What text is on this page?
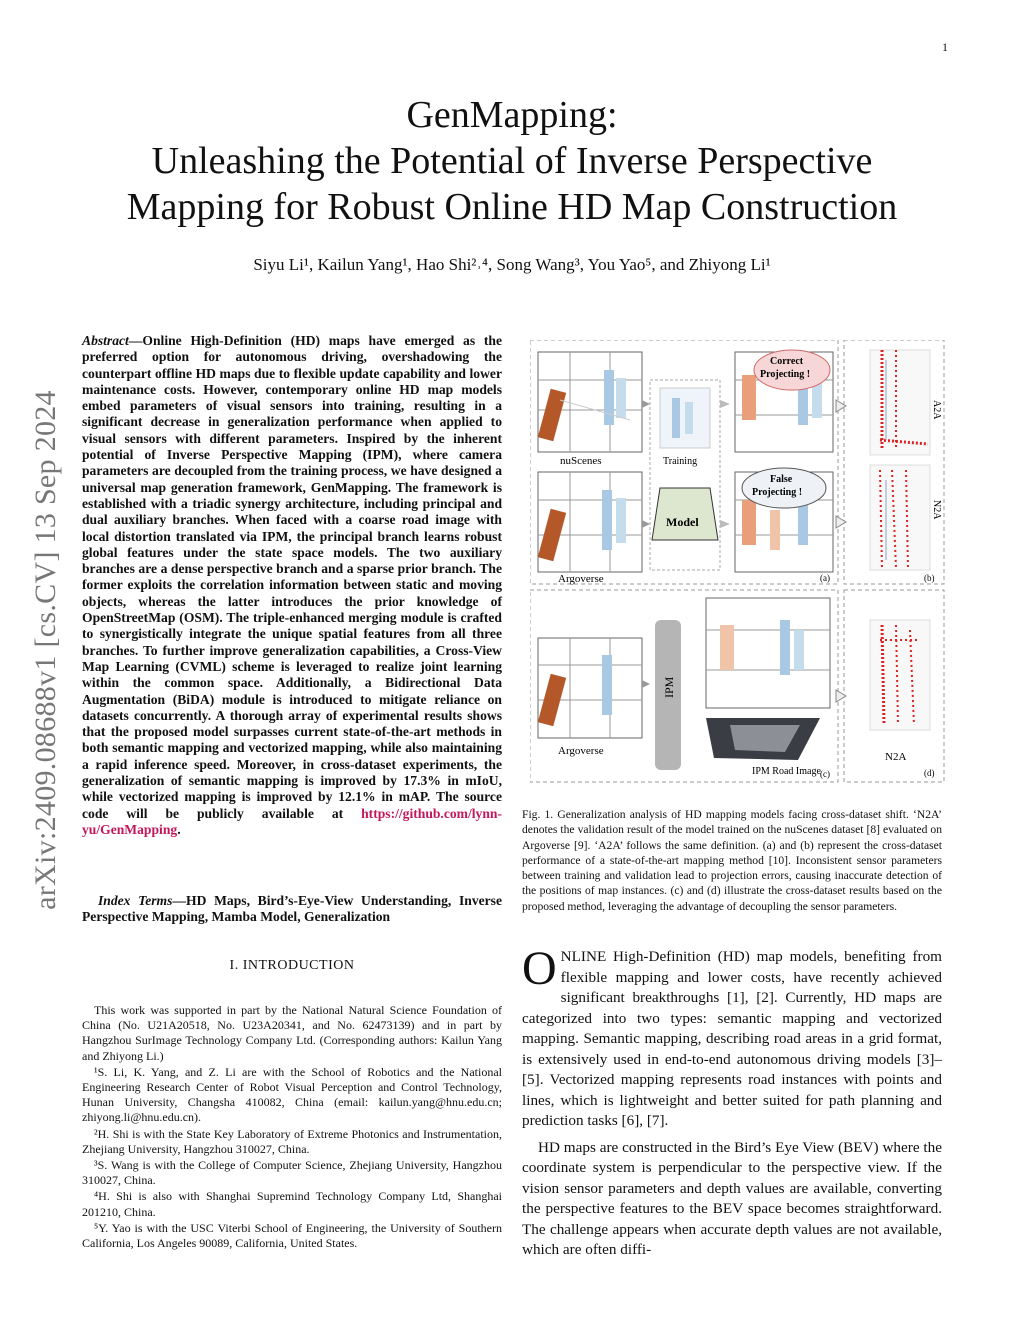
1
arXiv:2409.08688v1 [cs.CV] 13 Sep 2024
GenMapping:
Unleashing the Potential of Inverse Perspective
Mapping for Robust Online HD Map Construction
Siyu Li¹, Kailun Yang¹, Hao Shi²˒⁴, Song Wang³, You Yao⁵, and Zhiyong Li¹
Abstract—Online High-Definition (HD) maps have emerged as the preferred option for autonomous driving, overshadowing the counterpart offline HD maps due to flexible update capability and lower maintenance costs. However, contemporary online HD map models embed parameters of visual sensors into training, resulting in a significant decrease in generalization performance when applied to visual sensors with different parameters. Inspired by the inherent potential of Inverse Perspective Mapping (IPM), where camera parameters are decoupled from the training process, we have designed a universal map generation framework, GenMapping. The framework is established with a triadic synergy architecture, including principal and dual auxiliary branches. When faced with a coarse road image with local distortion translated via IPM, the principal branch learns robust global features under the state space models. The two auxiliary branches are a dense perspective branch and a sparse prior branch. The former exploits the correlation information between static and moving objects, whereas the latter introduces the prior knowledge of OpenStreetMap (OSM). The triple-enhanced merging module is crafted to synergistically integrate the unique spatial features from all three branches. To further improve generalization capabilities, a Cross-View Map Learning (CVML) scheme is leveraged to realize joint learning within the common space. Additionally, a Bidirectional Data Augmentation (BiDA) module is introduced to mitigate reliance on datasets concurrently. A thorough array of experimental results shows that the proposed model surpasses current state-of-the-art methods in both semantic mapping and vectorized mapping, while also maintaining a rapid inference speed. Moreover, in cross-dataset experiments, the generalization of semantic mapping is improved by 17.3% in mIoU, while vectorized mapping is improved by 12.1% in mAP. The source code will be publicly available at https://github.com/lynn-yu/GenMapping.
Index Terms—HD Maps, Bird’s-Eye-View Understanding, Inverse Perspective Mapping, Mamba Model, Generalization
I. INTRODUCTION

This work was supported in part by the National Natural Science Foundation of China (No. U21A20518, No. U23A20341, and No. 62473139) and in part by Hangzhou SurImage Technology Company Ltd. (Corresponding authors: Kailun Yang and Zhiyong Li.)

¹S. Li, K. Yang, and Z. Li are with the School of Robotics and the National Engineering Research Center of Robot Visual Perception and Control Technology, Hunan University, Changsha 410082, China (email: kailun.yang@hnu.edu.cn; zhiyong.li@hnu.edu.cn).

²H. Shi is with the State Key Laboratory of Extreme Photonics and Instrumentation, Zhejiang University, Hangzhou 310027, China.

³S. Wang is with the College of Computer Science, Zhejiang University, Hangzhou 310027, China.

⁴H. Shi is also with Shanghai Supremind Technology Company Ltd, Shanghai 201210, China.

⁵Y. Yao is with the USC Viterbi School of Engineering, the University of Southern California, Los Angeles 90089, California, United States.

nuScenes
Argoverse
Training
Model
Correct
Projecting !
False
Projecting !
(a)
A2A
N2A
(b)
Argoverse
IPM
IPM Road Image (c)
N2A
(d)
Fig. 1. Generalization analysis of HD mapping models facing cross-dataset shift. ‘N2A’ denotes the validation result of the model trained on the nuScenes dataset [8] evaluated on Argoverse [9]. ‘A2A’ follows the same definition. (a) and (b) represent the cross-dataset performance of a state-of-the-art mapping method [10]. Inconsistent sensor parameters between training and validation lead to projection errors, causing inaccurate detection of the positions of map instances. (c) and (d) illustrate the cross-dataset results based on the proposed method, leveraging the advantage of decoupling the sensor parameters.

ONLINE High-Definition (HD) map models, benefiting from flexible mapping and lower costs, have recently achieved significant breakthroughs [1], [2]. Currently, HD maps are categorized into two types: semantic mapping and vectorized mapping. Semantic mapping, describing road areas in a grid format, is extensively used in end-to-end autonomous driving models [3]–[5]. Vectorized mapping represents road instances with points and lines, which is lightweight and better suited for path planning and prediction tasks [6], [7].

HD maps are constructed in the Bird’s Eye View (BEV) where the coordinate system is perpendicular to the perspective view. If the vision sensor parameters and depth values are available, converting the perspective features to the BEV space becomes straightforward. The challenge appears when accurate depth values are not available, which are often diffi-
